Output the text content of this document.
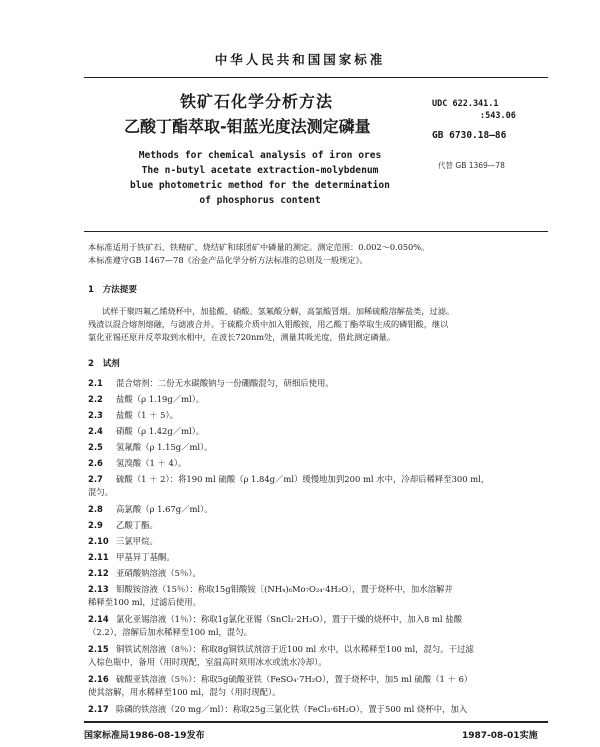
中华人民共和国国家标准
铁矿石化学分析方法
乙酸丁酯萃取-钼蓝光度法测定磷量
UDC 622.341.1
:543.06
GB 6730.18—86
代替 GB 1369—78
Methods for chemical analysis of iron ores
The n-butyl acetate extraction-molybdenum
blue photometric method for the determination
of phosphorus content
本标准适用于铁矿石、铁精矿、烧结矿和球团矿中磷量的测定。测定范围：0.002～0.050%。
本标准遵守GB 1467—78《冶金产品化学分析方法标准的总则及一般规定》。
1　方法提要
试样于聚四氟乙烯烧杯中，加盐酸、硝酸、氢氟酸分解，高氯酸冒烟。加稀硫酸溶解盐类，过滤。
残渣以混合熔剂熔融，与滤液合并。于硫酸介质中加入钼酸铵，用乙酸丁酯萃取生成的磷钼酸，继以
氯化亚锡还原并反萃取到水相中，在波长720nm处，测量其吸光度，借此测定磷量。
2　试剂
2.1 混合熔剂：二份无水碳酸钠与一份硼酸混匀，研细后使用。
2.2 盐酸（ρ 1.19g／ml）。
2.3 盐酸（1 ＋ 5）。
2.4 硝酸（ρ 1.42g／ml）。
2.5 氢氟酸（ρ 1.15g／ml）。
2.6 氢溴酸（1 ＋ 4）。
2.7 硫酸（1 ＋ 2）：将190 ml 硫酸（ρ 1.84g／ml）缓慢地加到200 ml 水中，冷却后稀释至300 ml，
混匀。
2.8 高氯酸（ρ 1.67g／ml）。
2.9 乙酸丁酯。
2.10 三氯甲烷。
2.11 甲基异丁基酮。
2.12 亚硝酸钠溶液（5％）。
2.13 钼酸铵溶液（15％）：称取15g钼酸铵〔(NH₄)₆Mo₇O₂₄·4H₂O〕，置于烧杯中，加水溶解并
稀释至100 ml，过滤后使用。
2.14 氯化亚锡溶液（1％）：称取1g氯化亚锡（SnCl₂·2H₂O），置于干燥的烧杯中，加入8 ml 盐酸
（2.2），溶解后加水稀释至100 ml，混匀。
2.15 铜铁试剂溶液（8％）：称取8g铜铁试剂溶于近100 ml 水中，以水稀释至100 ml，混匀。干过滤
入棕色瓶中，备用（用时现配，室温高时须用冰水或流水冷却）。
2.16 硫酸亚铁溶液（5％）：称取5g硫酸亚铁（FeSO₄·7H₂O），置于烧杯中，加5 ml 硫酸（1 ＋ 6）
使其溶解，用水稀释至100 ml，混匀（用时现配）。
2.17 除磷的铁溶液（20 mg／ml）：称取25g三氯化铁（FeCl₃·6H₂O），置于500 ml 烧杯中，加入
国家标准局1986-08-19发布	1987-08-01实施
